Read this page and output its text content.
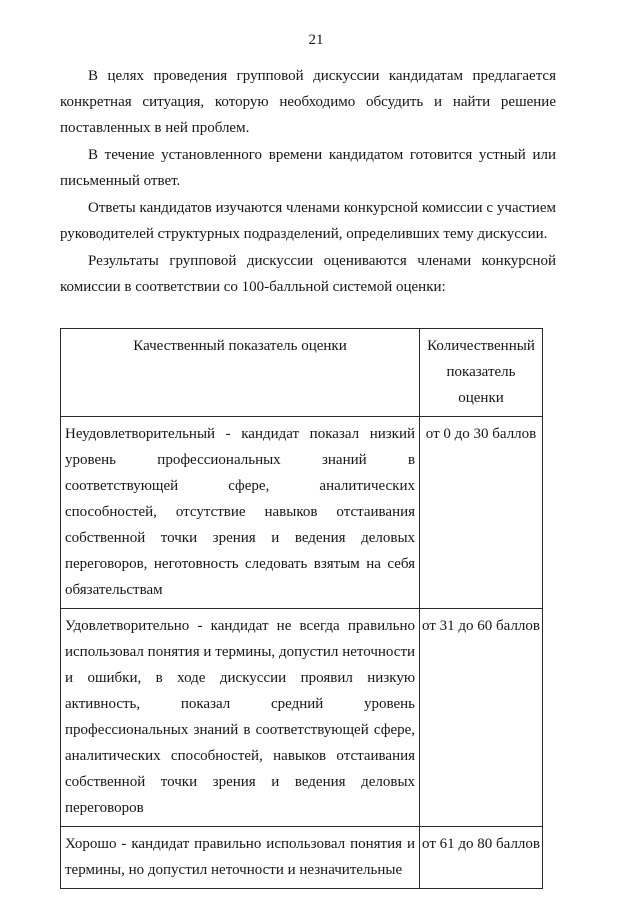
21

В целях проведения групповой дискуссии кандидатам предлагается конкретная ситуация, которую необходимо обсудить и найти решение поставленных в ней проблем.

В течение установленного времени кандидатом готовится устный или письменный ответ.

Ответы кандидатов изучаются членами конкурсной комиссии с участием руководителей структурных подразделений, определивших тему дискуссии.

Результаты групповой дискуссии оцениваются членами конкурсной комиссии в соответствии со 100-балльной системой оценки:

Качественный показатель оценки	Количественный показатель оценки
Неудовлетворительный - кандидат показал низкий уровень профессиональных знаний в соответствующей сфере, аналитических способностей, отсутствие навыков отстаивания собственной точки зрения и ведения деловых переговоров, неготовность следовать взятым на себя обязательствам	от 0 до 30 баллов
Удовлетворительно - кандидат не всегда правильно использовал понятия и термины, допустил неточности и ошибки, в ходе дискуссии проявил низкую активность, показал средний уровень профессиональных знаний в соответствующей сфере, аналитических способностей, навыков отстаивания собственной точки зрения и ведения деловых переговоров	от 31 до 60 баллов
Хорошо - кандидат правильно использовал понятия и термины, но допустил неточности и незначительные	от 61 до 80 баллов
